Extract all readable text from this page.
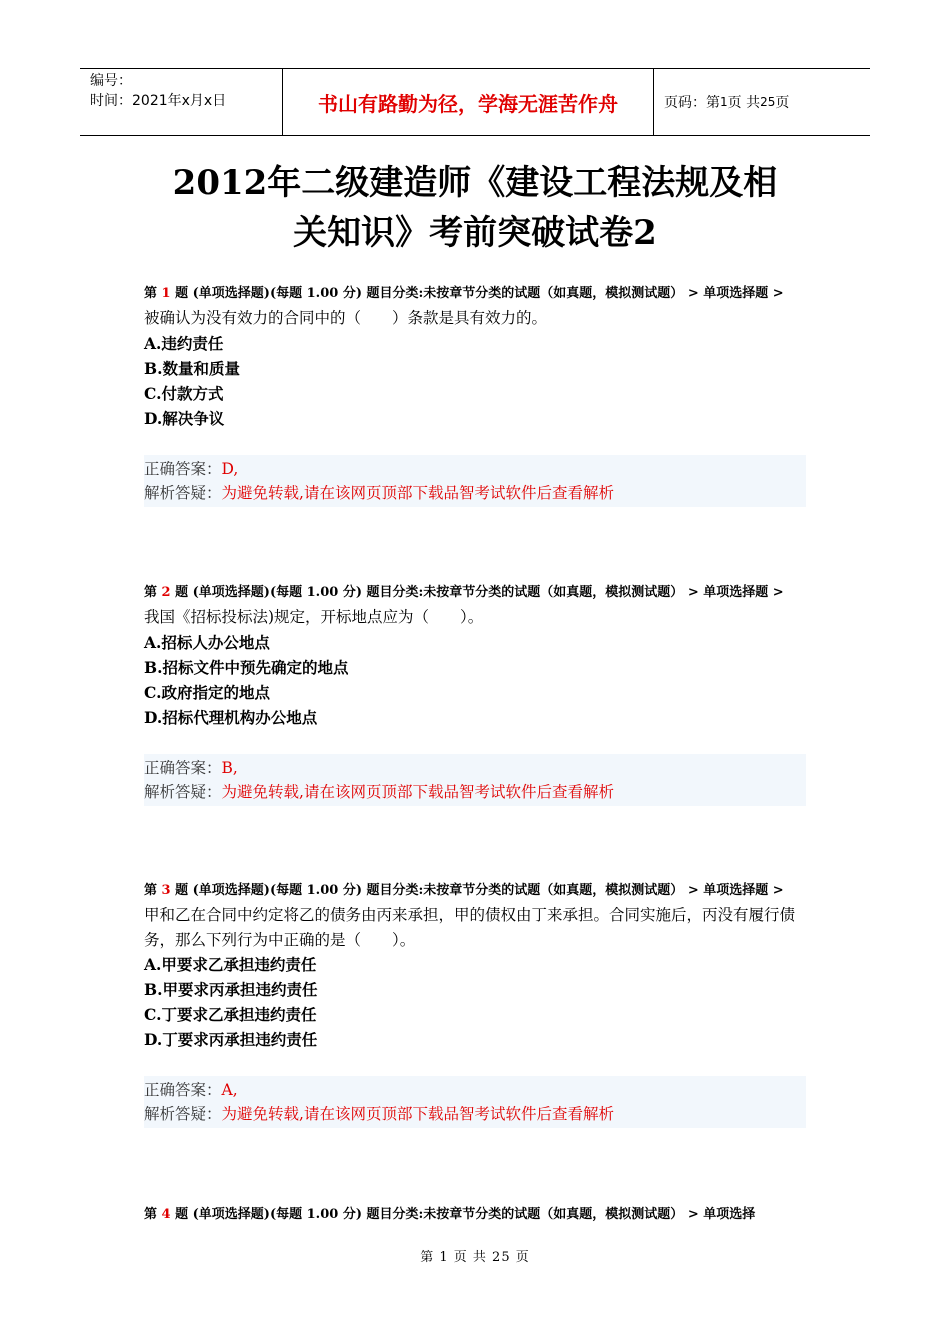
编号：
时间：2021年x月x日	书山有路勤为径，学海无涯苦作舟	页码：第 1 页 共 25 页
2012年二级建造师《建设工程法规及相
关知识》考前突破试卷2
第 1 题 (单项选择题)(每题 1.00 分) 题目分类:未按章节分类的试题（如真题，模拟测试题） > 单项选择题 >
被确认为没有效力的合同中的（　　）条款是具有效力的。
A.违约责任
B.数量和质量
C.付款方式
D.解决争议
正确答案：D,
解析答疑：为避免转载,请在该网页顶部下载品智考试软件后查看解析
第 2 题 (单项选择题)(每题 1.00 分) 题目分类:未按章节分类的试题（如真题，模拟测试题） > 单项选择题 >
我国《招标投标法)规定，开标地点应为（　　）。
A.招标人办公地点
B.招标文件中预先确定的地点
C.政府指定的地点
D.招标代理机构办公地点
正确答案：B,
解析答疑：为避免转载,请在该网页顶部下载品智考试软件后查看解析
第 3 题 (单项选择题)(每题 1.00 分) 题目分类:未按章节分类的试题（如真题，模拟测试题） > 单项选择题 >
甲和乙在合同中约定将乙的债务由丙来承担，甲的债权由丁来承担。合同实施后，丙没有履行债务，那么下列行为中正确的是（　　）。
A.甲要求乙承担违约责任
B.甲要求丙承担违约责任
C.丁要求乙承担违约责任
D.丁要求丙承担违约责任
正确答案：A,
解析答疑：为避免转载,请在该网页顶部下载品智考试软件后查看解析
第 4 题 (单项选择题)(每题 1.00 分) 题目分类:未按章节分类的试题（如真题，模拟测试题） > 单项选择
第 1 页 共 25 页
